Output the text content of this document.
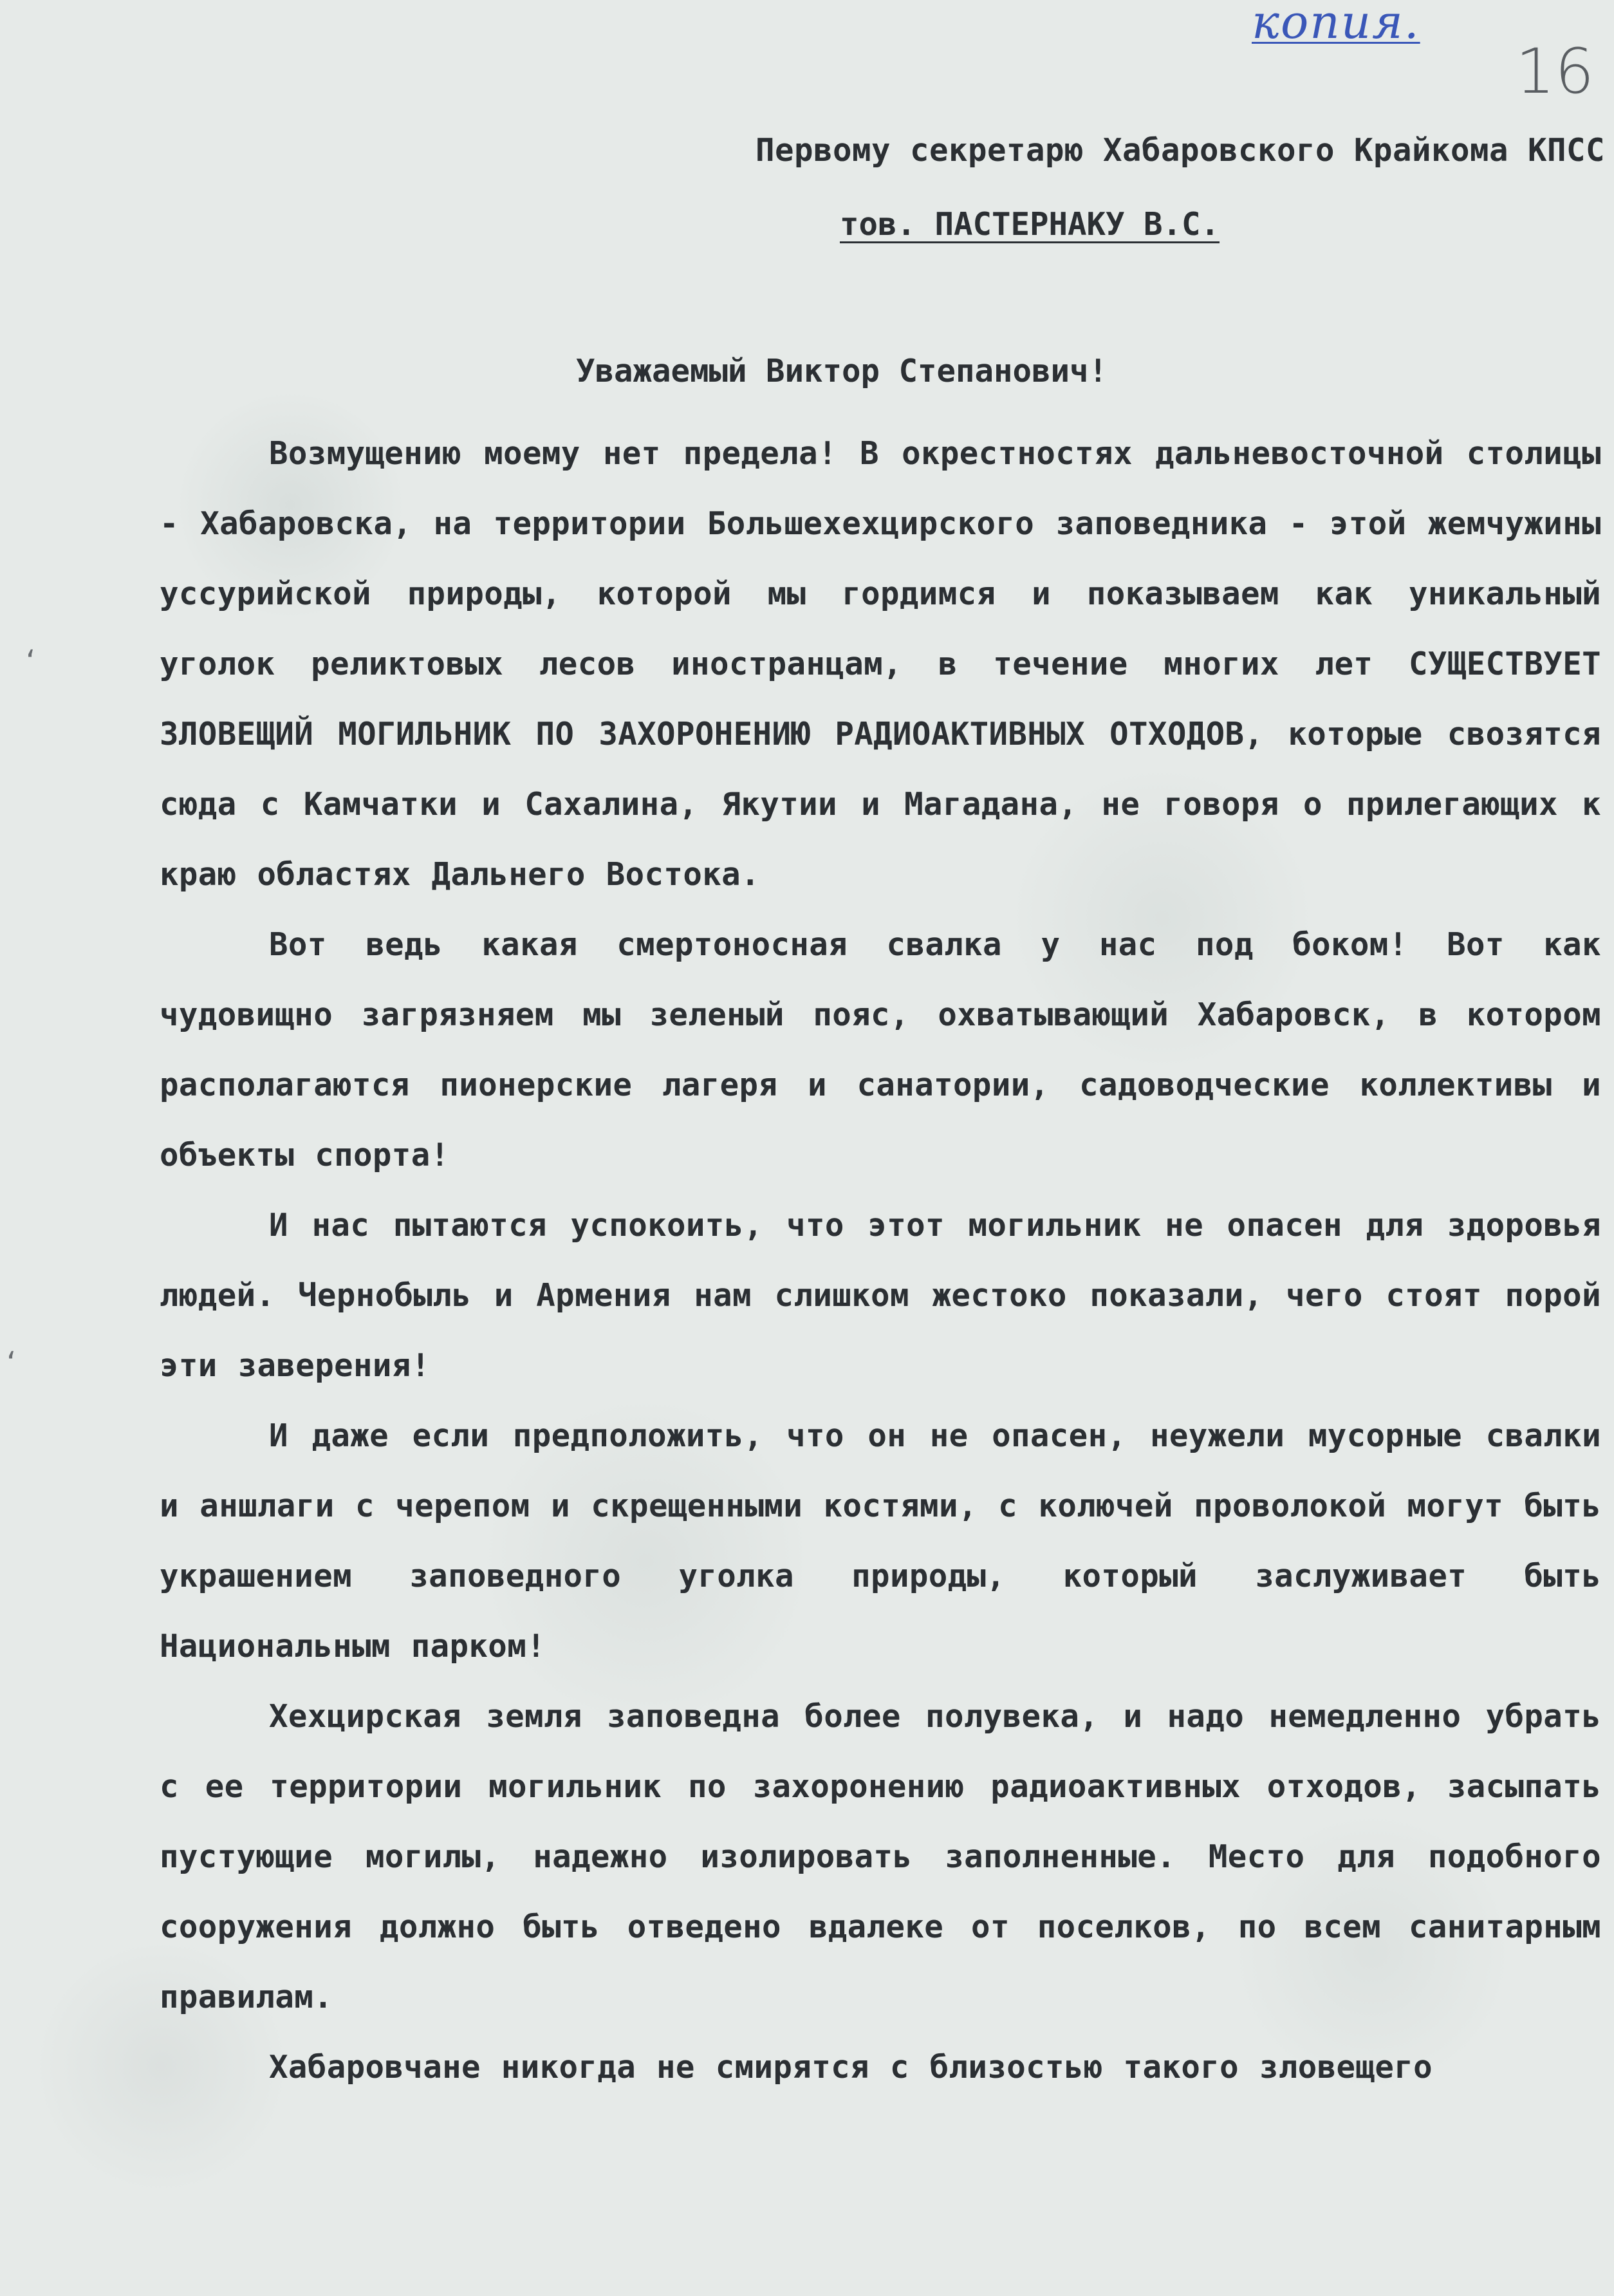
копия.
16
Первому секретарю Хабаровского Крайкома КПСС
тов. ПАСТЕРНАКУ В.С.
Уважаемый Виктор Степанович!

Возмущению моему нет предела! В окрестностях дальневосточной столицы - Хабаровска, на территории Большехехцирского заповедника - этой жемчужины уссурийской природы, которой мы гордимся и показываем как уникальный уголок реликтовых лесов иностранцам, в течение многих лет СУЩЕСТВУЕТ ЗЛОВЕЩИЙ МОГИЛЬНИК ПО ЗАХОРОНЕНИЮ РАДИОАКТИВНЫХ ОТХОДОВ, которые свозятся сюда с Камчатки и Сахалина, Якутии и Магадана, не говоря о прилегающих к краю областях Дальнего Востока.

Вот ведь какая смертоносная свалка у нас под боком! Вот как чудовищно загрязняем мы зеленый пояс, охватывающий Хабаровск, в котором располагаются пионерские лагеря и санатории, садоводческие коллективы и объекты спорта!

И нас пытаются успокоить, что этот могильник не опасен для здоровья людей. Чернобыль и Армения нам слишком жестоко показали, чего стоят порой эти заверения!

И даже если предположить, что он не опасен, неужели мусорные свалки и аншлаги с черепом и скрещенными костями, с колючей проволокой могут быть украшением заповедного уголка природы, который заслуживает быть Национальным парком!

Хехцирская земля заповедна более полувека, и надо немедленно убрать с ее территории могильник по захоронению радиоактивных отходов, засыпать пустующие могилы, надежно изолировать заполненные. Место для подобного сооружения должно быть отведено вдалеке от поселков, по всем санитарным правилам.

Хабаровчане никогда не смирятся с близостью такого зловещего

ʻ
ʻ
